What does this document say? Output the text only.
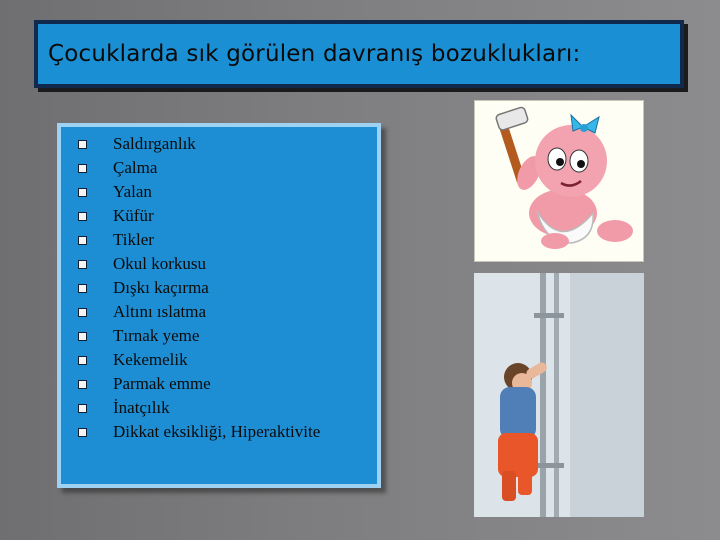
Çocuklarda sık görülen davranış bozuklukları:
Saldırganlık
Çalma
Yalan
Küfür
Tikler
Okul korkusu
Dışkı kaçırma
Altını ıslatma
Tırnak yeme
Kekemelik
Parmak emme
İnatçılık
Dikkat eksikliği, Hiperaktivite
